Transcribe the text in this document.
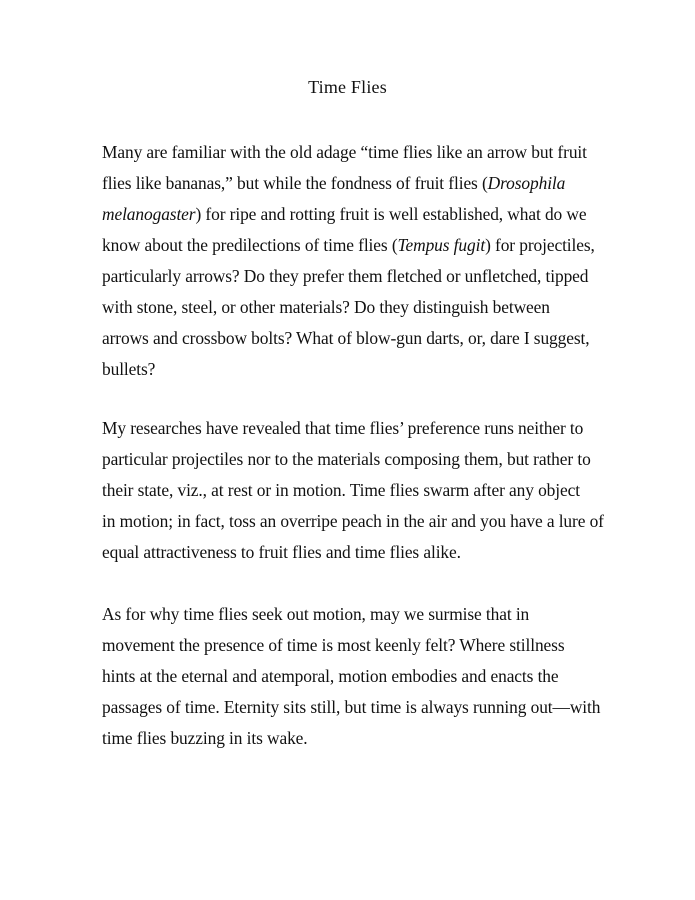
Time Flies
Many are familiar with the old adage “time flies like an arrow but fruit
flies like bananas,” but while the fondness of fruit flies (Drosophila
melanogaster) for ripe and rotting fruit is well established, what do we
know about the predilections of time flies (Tempus fugit) for projectiles,
particularly arrows? Do they prefer them fletched or unfletched, tipped
with stone, steel, or other materials? Do they distinguish between
arrows and crossbow bolts? What of blow-gun darts, or, dare I suggest,
bullets?
My researches have revealed that time flies’ preference runs neither to
particular projectiles nor to the materials composing them, but rather to
their state, viz., at rest or in motion. Time flies swarm after any object
in motion; in fact, toss an overripe peach in the air and you have a lure of
equal attractiveness to fruit flies and time flies alike.
As for why time flies seek out motion, may we surmise that in
movement the presence of time is most keenly felt? Where stillness
hints at the eternal and atemporal, motion embodies and enacts the
passages of time. Eternity sits still, but time is always running out—with
time flies buzzing in its wake.
